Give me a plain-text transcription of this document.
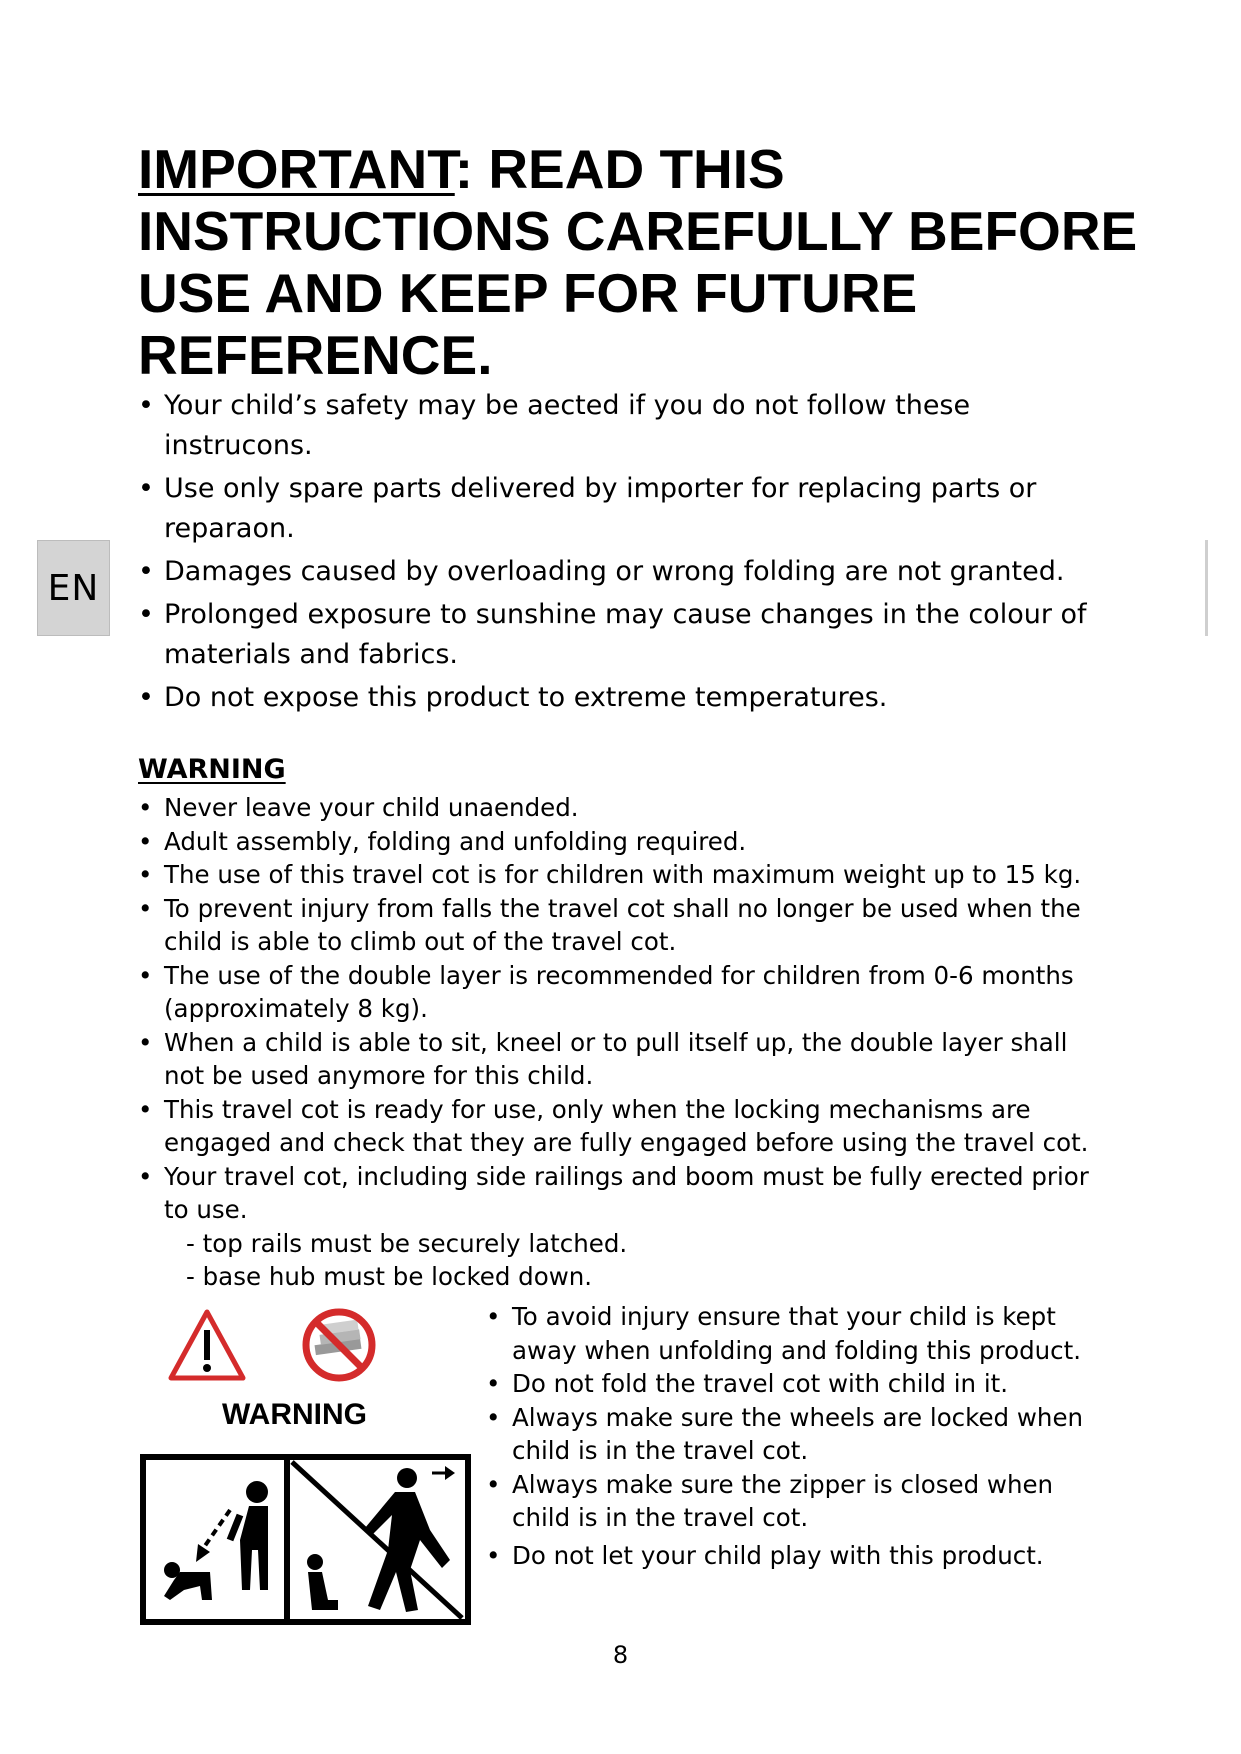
EN
IMPORTANT: READ THIS INSTRUCTIONS CAREFULLY BEFORE USE AND KEEP FOR FUTURE REFERENCE.
• Your child’s safety may be aected if you do not follow these instrucons.
• Use only spare parts delivered by importer for replacing parts or reparaon.
• Damages caused by overloading or wrong folding are not granted.
• Prolonged exposure to sunshine may cause changes in the colour of materials and fabrics.
• Do not expose this product to extreme temperatures.
WARNING
• Never leave your child unaended.
• Adult assembly, folding and unfolding required.
• The use of this travel cot is for children with maximum weight up to 15 kg.
• To prevent injury from falls the travel cot shall no longer be used when the child is able to climb out of the travel cot.
• The use of the double layer is recommended for children from 0-6 months (approximately 8 kg).
• When a child is able to sit, kneel or to pull itself up, the double layer shall not be used anymore for this child.
• This travel cot is ready for use, only when the locking mechanisms are engaged and check that they are fully engaged before using the travel cot.
• Your travel cot, including side railings and boom must be fully erected prior to use.
- top rails must be securely latched.
- base hub must be locked down.
WARNING
• To avoid injury ensure that your child is kept away when unfolding and folding this product.
• Do not fold the travel cot with child in it.
• Always make sure the wheels are locked when child is in the travel cot.
• Always make sure the zipper is closed when child is in the travel cot.
• Do not let your child play with this product.
8
